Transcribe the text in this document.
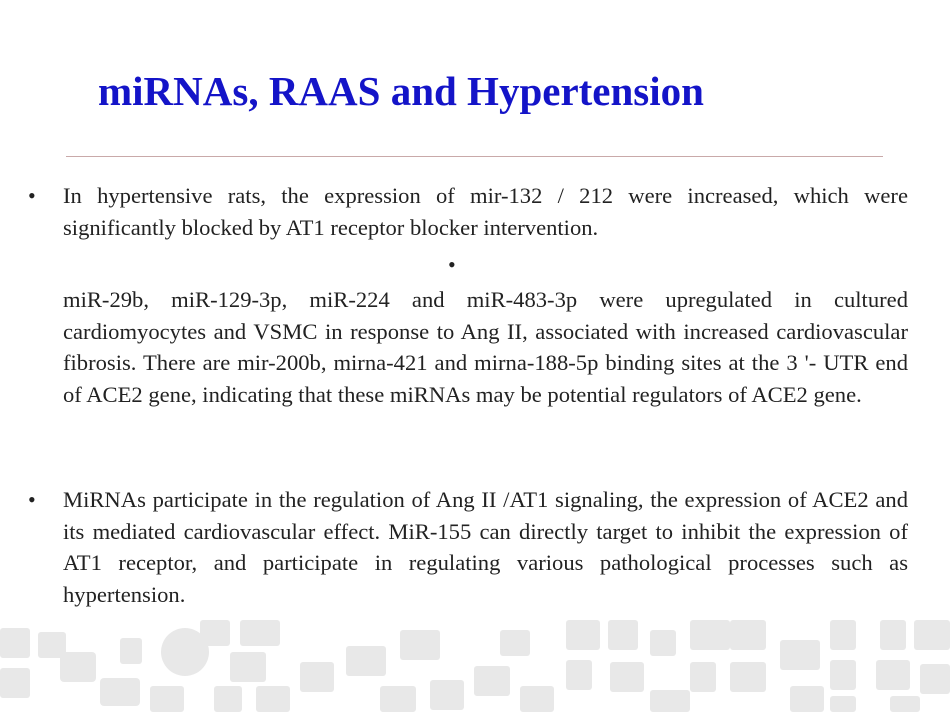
miRNAs, RAAS and Hypertension
• In hypertensive rats, the expression of mir-132 / 212 were increased, which were significantly blocked by AT1 receptor blocker intervention.

•

miR-29b, miR-129-3p, miR-224 and miR-483-3p were upregulated in cultured cardiomyocytes and VSMC in response to Ang II, associated with increased cardiovascular fibrosis. There are mir-200b, mirna-421 and mirna-188-5p binding sites at the 3 '- UTR end of ACE2 gene, indicating that these miRNAs may be potential regulators of ACE2 gene.

• MiRNAs participate in the regulation of Ang II /AT1 signaling, the expression of ACE2 and its mediated cardiovascular effect. MiR-155 can directly target to inhibit the expression of AT1 receptor, and participate in regulating various pathological processes such as hypertension.
